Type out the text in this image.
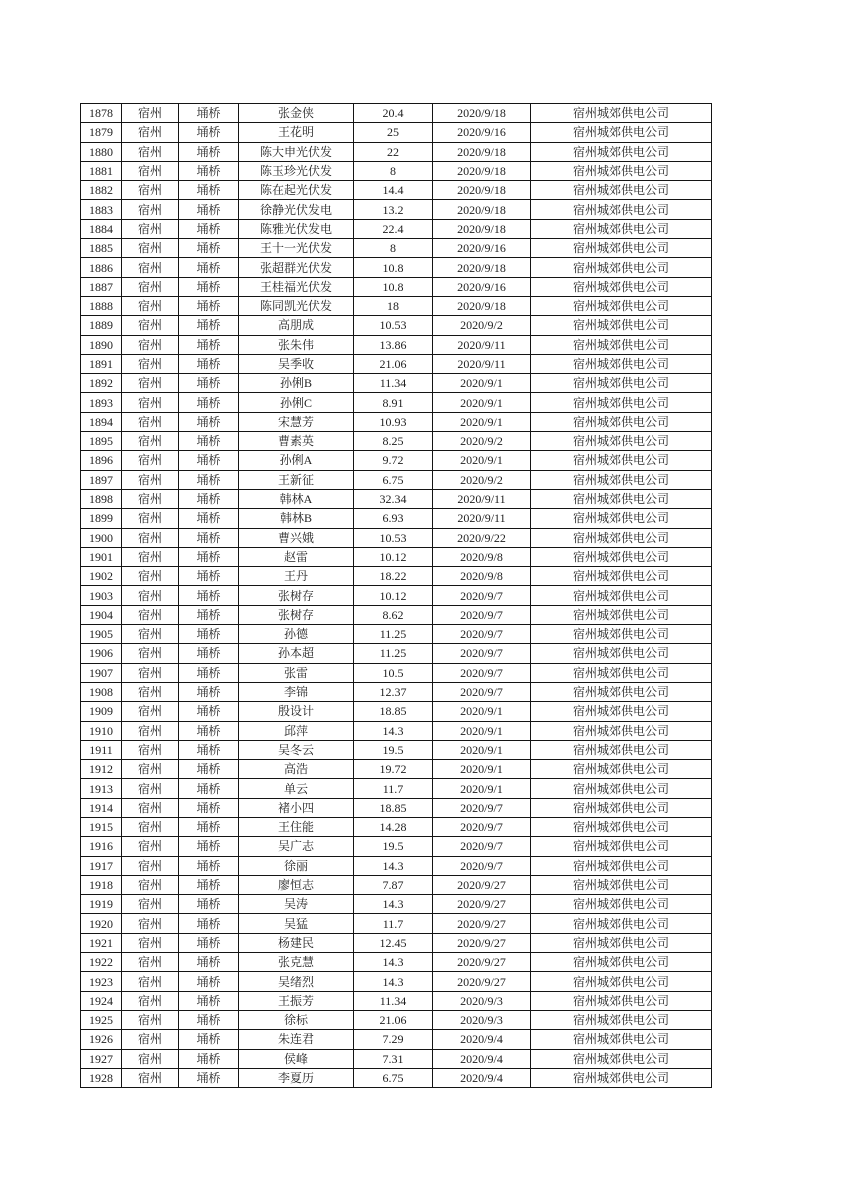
1878	宿州	埇桥	张金侠	20.4	2020/9/18	宿州城郊供电公司
1879	宿州	埇桥	王花明	25	2020/9/16	宿州城郊供电公司
1880	宿州	埇桥	陈大申光伏发	22	2020/9/18	宿州城郊供电公司
1881	宿州	埇桥	陈玉珍光伏发	8	2020/9/18	宿州城郊供电公司
1882	宿州	埇桥	陈在起光伏发	14.4	2020/9/18	宿州城郊供电公司
1883	宿州	埇桥	徐静光伏发电	13.2	2020/9/18	宿州城郊供电公司
1884	宿州	埇桥	陈雅光伏发电	22.4	2020/9/18	宿州城郊供电公司
1885	宿州	埇桥	王十一光伏发	8	2020/9/16	宿州城郊供电公司
1886	宿州	埇桥	张超群光伏发	10.8	2020/9/18	宿州城郊供电公司
1887	宿州	埇桥	王桂福光伏发	10.8	2020/9/16	宿州城郊供电公司
1888	宿州	埇桥	陈同凯光伏发	18	2020/9/18	宿州城郊供电公司
1889	宿州	埇桥	高朋成	10.53	2020/9/2	宿州城郊供电公司
1890	宿州	埇桥	张朱伟	13.86	2020/9/11	宿州城郊供电公司
1891	宿州	埇桥	吴季收	21.06	2020/9/11	宿州城郊供电公司
1892	宿州	埇桥	孙俐B	11.34	2020/9/1	宿州城郊供电公司
1893	宿州	埇桥	孙俐C	8.91	2020/9/1	宿州城郊供电公司
1894	宿州	埇桥	宋慧芳	10.93	2020/9/1	宿州城郊供电公司
1895	宿州	埇桥	曹素英	8.25	2020/9/2	宿州城郊供电公司
1896	宿州	埇桥	孙俐A	9.72	2020/9/1	宿州城郊供电公司
1897	宿州	埇桥	王新征	6.75	2020/9/2	宿州城郊供电公司
1898	宿州	埇桥	韩林A	32.34	2020/9/11	宿州城郊供电公司
1899	宿州	埇桥	韩林B	6.93	2020/9/11	宿州城郊供电公司
1900	宿州	埇桥	曹兴娥	10.53	2020/9/22	宿州城郊供电公司
1901	宿州	埇桥	赵雷	10.12	2020/9/8	宿州城郊供电公司
1902	宿州	埇桥	王丹	18.22	2020/9/8	宿州城郊供电公司
1903	宿州	埇桥	张树存	10.12	2020/9/7	宿州城郊供电公司
1904	宿州	埇桥	张树存	8.62	2020/9/7	宿州城郊供电公司
1905	宿州	埇桥	孙德	11.25	2020/9/7	宿州城郊供电公司
1906	宿州	埇桥	孙本超	11.25	2020/9/7	宿州城郊供电公司
1907	宿州	埇桥	张雷	10.5	2020/9/7	宿州城郊供电公司
1908	宿州	埇桥	李锦	12.37	2020/9/7	宿州城郊供电公司
1909	宿州	埇桥	殷设计	18.85	2020/9/1	宿州城郊供电公司
1910	宿州	埇桥	邱萍	14.3	2020/9/1	宿州城郊供电公司
1911	宿州	埇桥	吴冬云	19.5	2020/9/1	宿州城郊供电公司
1912	宿州	埇桥	高浩	19.72	2020/9/1	宿州城郊供电公司
1913	宿州	埇桥	单云	11.7	2020/9/1	宿州城郊供电公司
1914	宿州	埇桥	褚小四	18.85	2020/9/7	宿州城郊供电公司
1915	宿州	埇桥	王住能	14.28	2020/9/7	宿州城郊供电公司
1916	宿州	埇桥	吴广志	19.5	2020/9/7	宿州城郊供电公司
1917	宿州	埇桥	徐丽	14.3	2020/9/7	宿州城郊供电公司
1918	宿州	埇桥	廖恒志	7.87	2020/9/27	宿州城郊供电公司
1919	宿州	埇桥	吴涛	14.3	2020/9/27	宿州城郊供电公司
1920	宿州	埇桥	吴猛	11.7	2020/9/27	宿州城郊供电公司
1921	宿州	埇桥	杨建民	12.45	2020/9/27	宿州城郊供电公司
1922	宿州	埇桥	张克慧	14.3	2020/9/27	宿州城郊供电公司
1923	宿州	埇桥	吴绪烈	14.3	2020/9/27	宿州城郊供电公司
1924	宿州	埇桥	王振芳	11.34	2020/9/3	宿州城郊供电公司
1925	宿州	埇桥	徐标	21.06	2020/9/3	宿州城郊供电公司
1926	宿州	埇桥	朱连君	7.29	2020/9/4	宿州城郊供电公司
1927	宿州	埇桥	侯峰	7.31	2020/9/4	宿州城郊供电公司
1928	宿州	埇桥	李夏历	6.75	2020/9/4	宿州城郊供电公司
